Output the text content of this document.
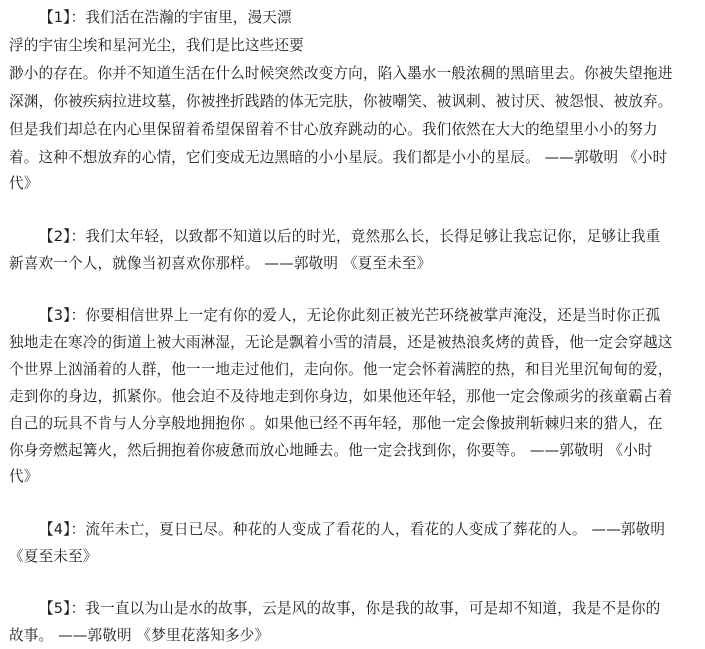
【1】：我们活在浩瀚的宇宙里，漫天漂
浮的宇宙尘埃和星河光尘，我们是比这些还要
渺小的存在。你并不知道生活在什么时候突然改变方向，陷入墨水一般浓稠的黑暗里去。你被失望拖进
深渊，你被疾病拉进坟墓，你被挫折践踏的体无完肤，你被嘲笑、被讽刺、被讨厌、被怨恨、被放弃。
但是我们却总在内心里保留着希望保留着不甘心放弃跳动的心。我们依然在大大的绝望里小小的努力
着。这种不想放弃的心情，它们变成无边黑暗的小小星辰。我们都是小小的星辰。 ——郭敬明 《小时
代》
【2】：我们太年轻，以致都不知道以后的时光，竟然那么长，长得足够让我忘记你，足够让我重
新喜欢一个人，就像当初喜欢你那样。 ——郭敬明 《夏至未至》
【3】：你要相信世界上一定有你的爱人，无论你此刻正被光芒环绕被掌声淹没，还是当时你正孤
独地走在寒冷的街道上被大雨淋湿，无论是飘着小雪的清晨，还是被热浪炙烤的黄昏，他一定会穿越这
个世界上汹涌着的人群，他一一地走过他们，走向你。他一定会怀着满腔的热，和目光里沉甸甸的爱，
走到你的身边，抓紧你。他会迫不及待地走到你身边，如果他还年轻，那他一定会像顽劣的孩童霸占着
自己的玩具不肯与人分享般地拥抱你 。如果他已经不再年轻，那他一定会像披荆斩棘归来的猎人，在
你身旁燃起篝火，然后拥抱着你疲惫而放心地睡去。他一定会找到你，你要等。 ——郭敬明 《小时
代》
【4】：流年未亡，夏日已尽。种花的人变成了看花的人，看花的人变成了葬花的人。 ——郭敬明
《夏至未至》
【5】：我一直以为山是水的故事，云是风的故事，你是我的故事，可是却不知道，我是不是你的
故事。 ——郭敬明 《梦里花落知多少》
